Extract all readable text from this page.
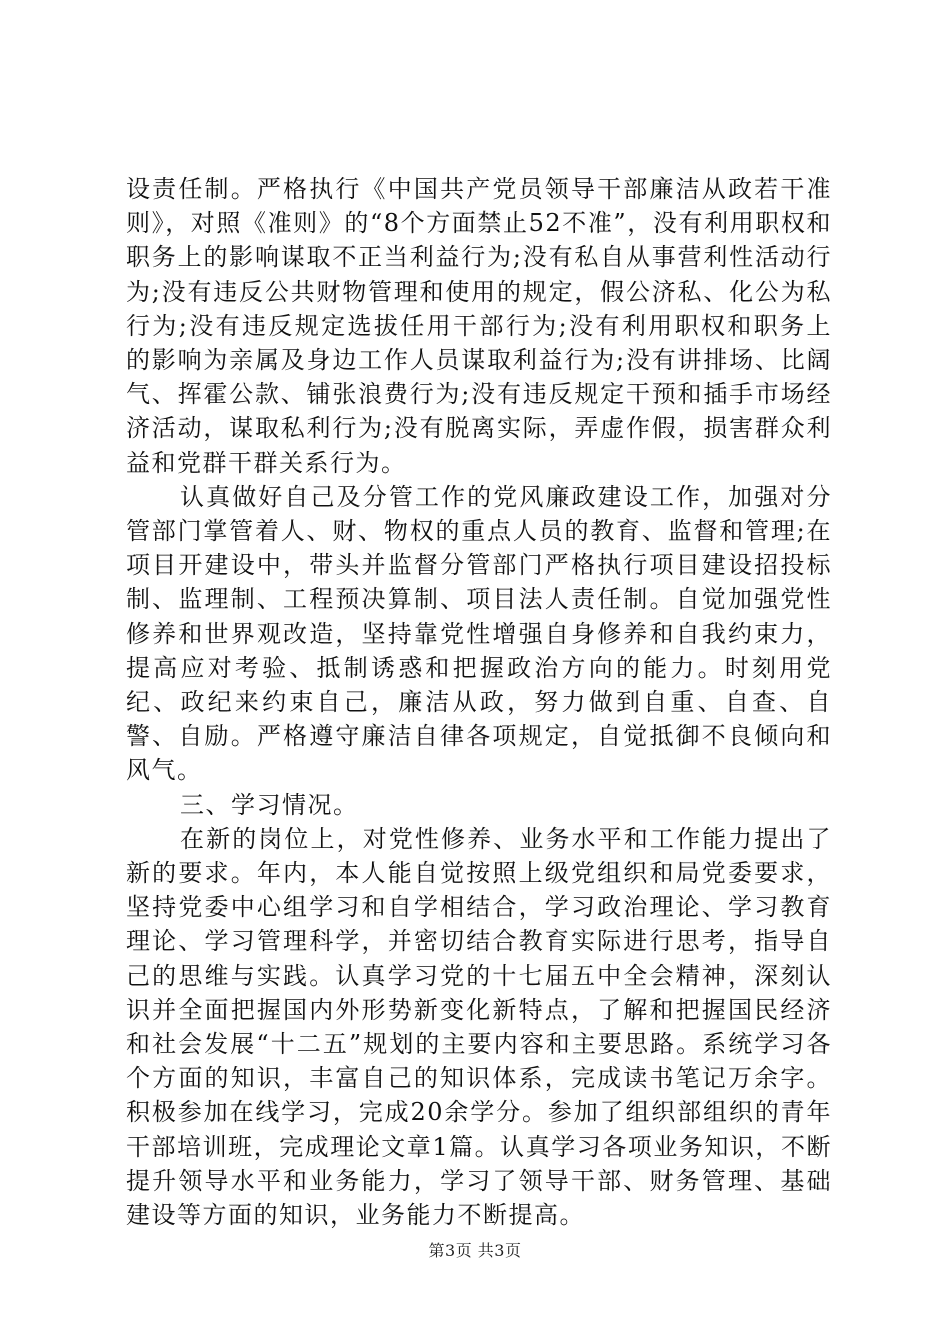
设责任制。严格执行《中国共产党员领导干部廉洁从政若干准则》，对照《准则》的“8个方面禁止52不准”，没有利用职权和职务上的影响谋取不正当利益行为;没有私自从事营利性活动行为;没有违反公共财物管理和使用的规定，假公济私、化公为私行为;没有违反规定选拔任用干部行为;没有利用职权和职务上的影响为亲属及身边工作人员谋取利益行为;没有讲排场、比阔气、挥霍公款、铺张浪费行为;没有违反规定干预和插手市场经济活动，谋取私利行为;没有脱离实际，弄虚作假，损害群众利益和党群干群关系行为。

认真做好自己及分管工作的党风廉政建设工作，加强对分管部门掌管着人、财、物权的重点人员的教育、监督和管理;在项目开建设中，带头并监督分管部门严格执行项目建设招投标制、监理制、工程预决算制、项目法人责任制。自觉加强党性修养和世界观改造，坚持靠党性增强自身修养和自我约束力，提高应对考验、抵制诱惑和把握政治方向的能力。时刻用党纪、政纪来约束自己，廉洁从政，努力做到自重、自查、自警、自励。严格遵守廉洁自律各项规定，自觉抵御不良倾向和风气。

三、学习情况。

在新的岗位上，对党性修养、业务水平和工作能力提出了新的要求。年内，本人能自觉按照上级党组织和局党委要求，坚持党委中心组学习和自学相结合，学习政治理论、学习教育理论、学习管理科学，并密切结合教育实际进行思考，指导自己的思维与实践。认真学习党的十七届五中全会精神，深刻认识并全面把握国内外形势新变化新特点，了解和把握国民经济和社会发展“十二五”规划的主要内容和主要思路。系统学习各个方面的知识，丰富自己的知识体系，完成读书笔记万余字。积极参加在线学习，完成20余学分。参加了组织部组织的青年干部培训班，完成理论文章1篇。认真学习各项业务知识，不断提升领导水平和业务能力，学习了领导干部、财务管理、基础建设等方面的知识，业务能力不断提高。

第3页 共3页
